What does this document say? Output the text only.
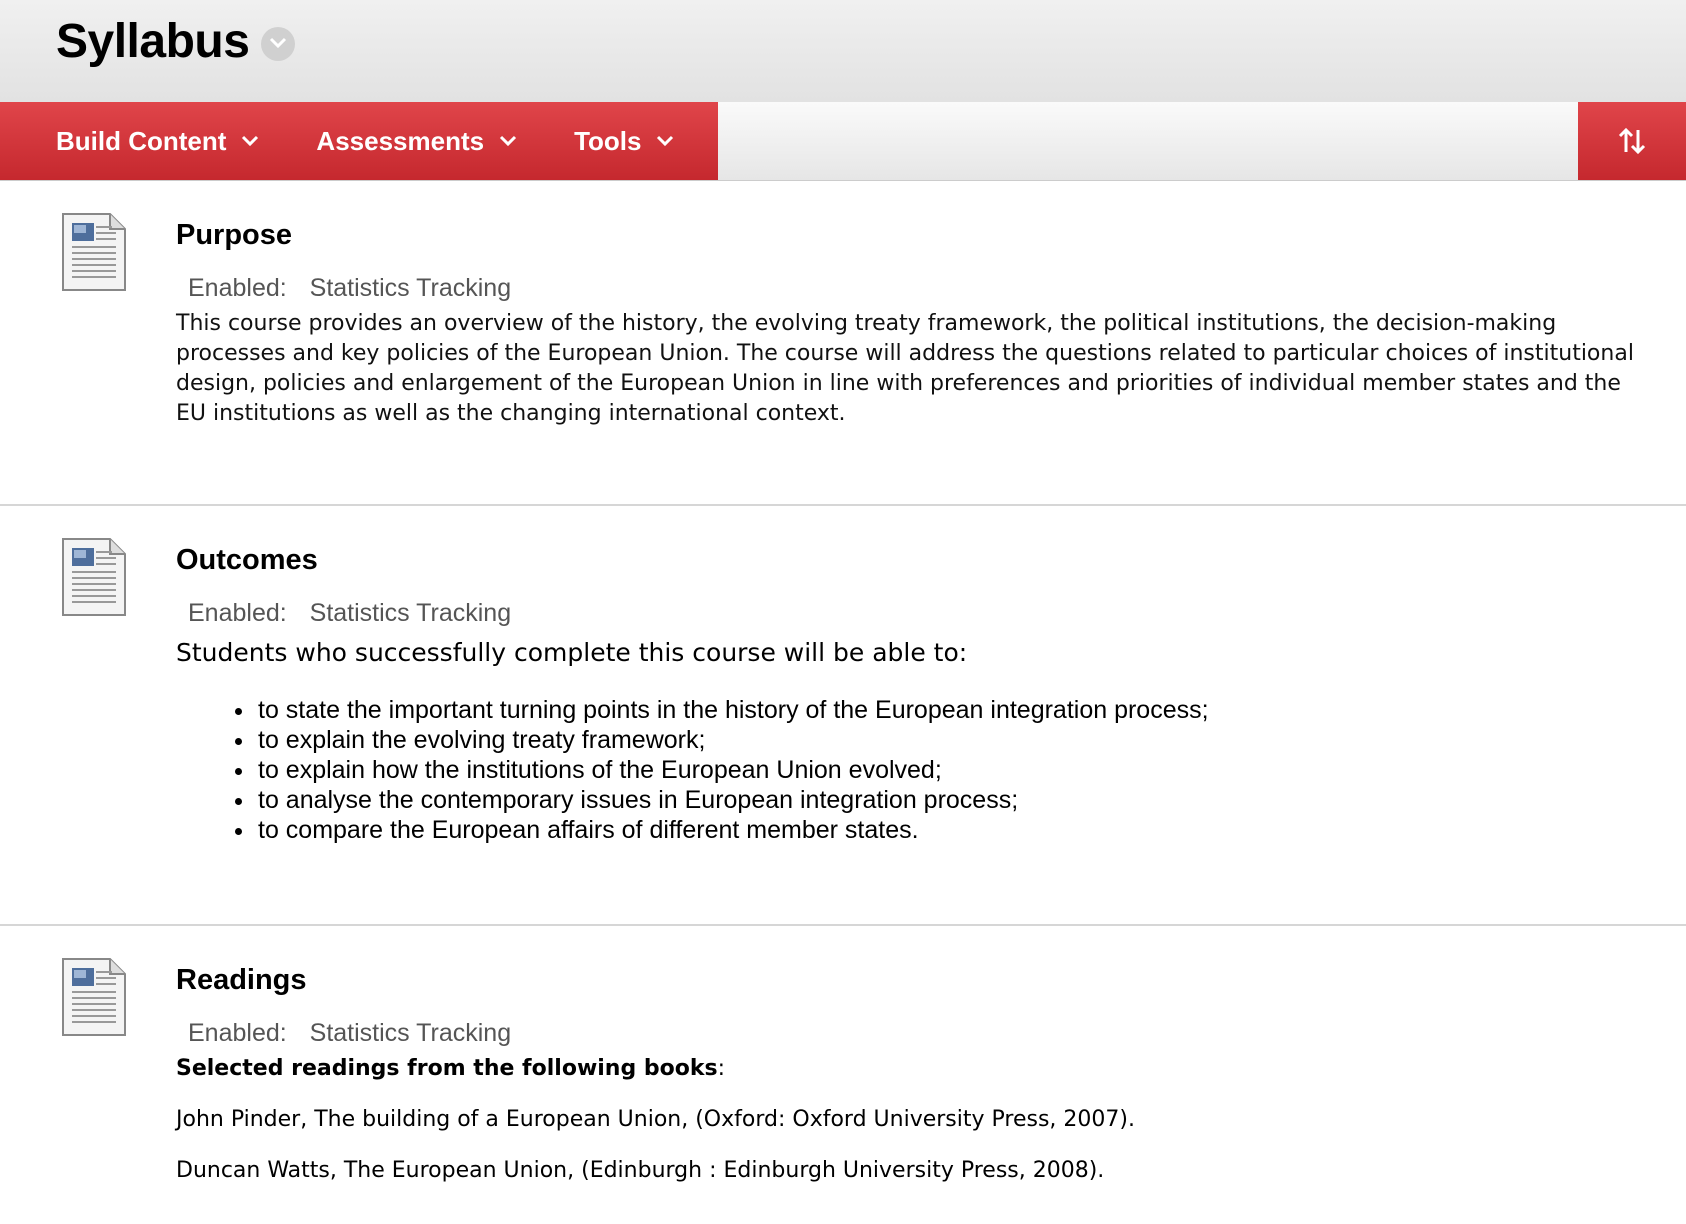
Syllabus
Build Content	Assessments	Tools
Purpose
Enabled: Statistics Tracking
This course provides an overview of the history, the evolving treaty framework, the political institutions, the decision-making processes and key policies of the European Union. The course will address the questions related to particular choices of institutional design, policies and enlargement of the European Union in line with preferences and priorities of individual member states and the EU institutions as well as the changing international context.
Outcomes
Enabled: Statistics Tracking
Students who successfully complete this course will be able to:
• to state the important turning points in the history of the European integration process;
• to explain the evolving treaty framework;
• to explain how the institutions of the European Union evolved;
• to analyse the contemporary issues in European integration process;
• to compare the European affairs of different member states.
Readings
Enabled: Statistics Tracking
Selected readings from the following books:
John Pinder, The building of a European Union, (Oxford: Oxford University Press, 2007).
Duncan Watts, The European Union, (Edinburgh : Edinburgh University Press, 2008).
